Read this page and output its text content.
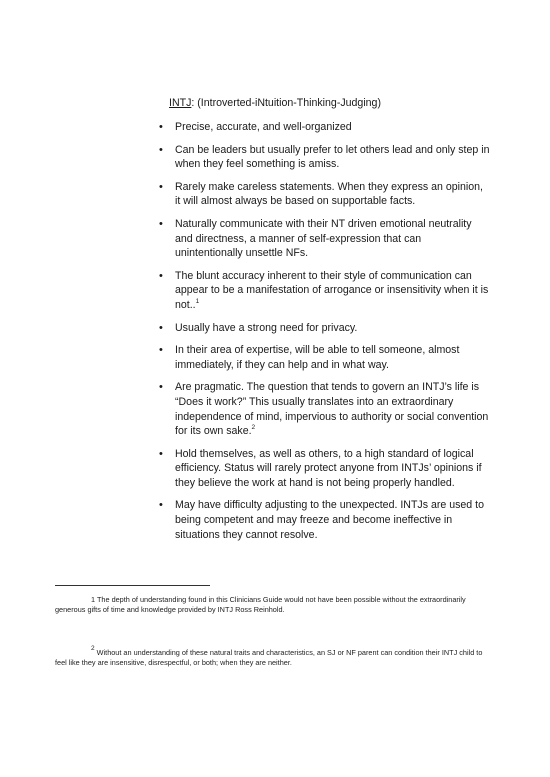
INTJ: (Introverted-iNtuition-Thinking-Judging)
• Precise, accurate, and well-organized
• Can be leaders but usually prefer to let others lead and only step in when they feel something is amiss.
• Rarely make careless statements. When they express an opinion, it will almost always be based on supportable facts.
• Naturally communicate with their NT driven emotional neutrality and directness, a manner of self-expression that can unintentionally unsettle NFs.
• The blunt accuracy inherent to their style of communication can appear to be a manifestation of arrogance or insensitivity when it is not..$^1$
• Usually have a strong need for privacy.
• In their area of expertise, will be able to tell someone, almost immediately, if they can help and in what way.
• Are pragmatic. The question that tends to govern an INTJ’s life is “Does it work?” This usually translates into an extraordinary independence of mind, impervious to authority or social convention for its own sake.$^2$
• Hold themselves, as well as others, to a high standard of logical efficiency. Status will rarely protect anyone from INTJs’ opinions if they believe the work at hand is not being properly handled.
• May have difficulty adjusting to the unexpected. INTJs are used to being competent and may freeze and become ineffective in situations they cannot resolve.
1 The depth of understanding found in this Clinicians Guide would not have been possible without the extraordinarily generous gifts of time and knowledge provided by INTJ Ross Reinhold.
$^2$ Without an understanding of these natural traits and characteristics, an SJ or NF parent can condition their INTJ child to feel like they are insensitive, disrespectful, or both; when they are neither.
